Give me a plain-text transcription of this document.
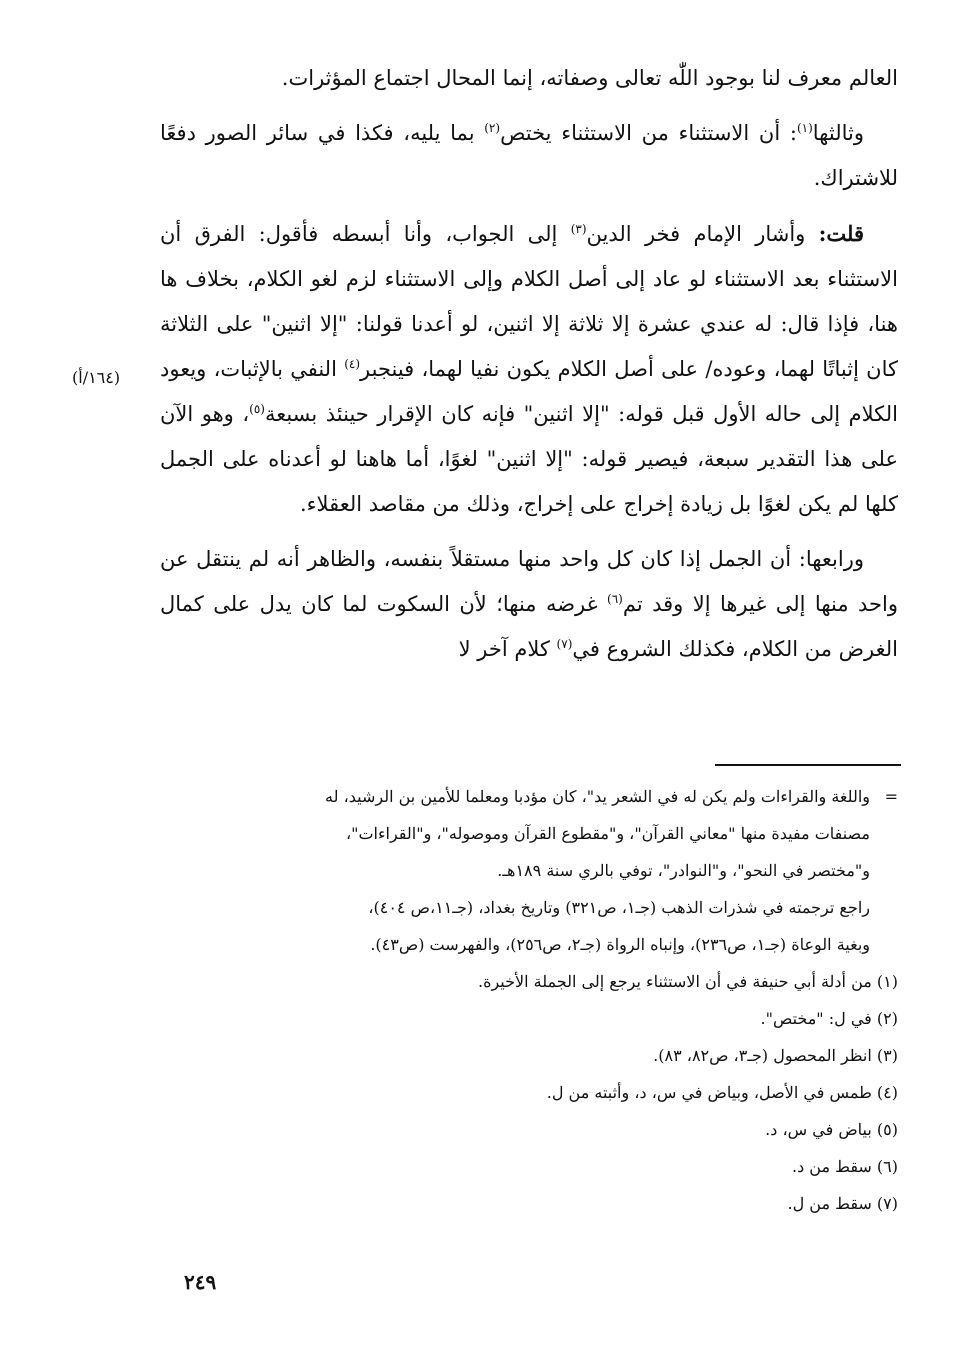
العالم معرف لنا بوجود اللّٰه تعالى وصفاته، إنما المحال اجتماع المؤثرات.

وثالثها$^{(١)}$: أن الاستثناء من الاستثناء يختص$^{(٢)}$ بما يليه، فكذا في سائر الصور دفعًا للاشتراك.

قلت: وأشار الإمام فخر الدين$^{(٣)}$ إلى الجواب، وأنا أبسطه فأقول: الفرق أن الاستثناء بعد الاستثناء لو عاد إلى أصل الكلام وإلى الاستثناء لزم لغو الكلام، بخلاف ها هنا، فإذا قال: له عندي عشرة إلا ثلاثة إلا اثنين، لو أعدنا قولنا: "إلا اثنين" على الثلاثة كان إثباتًا لهما، وعوده/ على أصل الكلام يكون نفيا لهما، فينجبر$^{(٤)}$ النفي بالإثبات، ويعود الكلام إلى حاله الأول قبل قوله: "إلا اثنين" فإنه كان الإقرار حينئذ بسبعة$^{(٥)}$، وهو الآن على هذا التقدير سبعة، فيصير قوله: "إلا اثنين" لغوًا، أما هاهنا لو أعدناه على الجمل كلها لم يكن لغوًا بل زيادة إخراج على إخراج، وذلك من مقاصد العقلاء.

ورابعها: أن الجمل إذا كان كل واحد منها مستقلاً بنفسه، والظاهر أنه لم ينتقل عن واحد منها إلى غيرها إلا وقد تم$^{(٦)}$ غرضه منها؛ لأن السكوت لما كان يدل على كمال الغرض من الكلام، فكذلك الشروع في$^{(٧)}$ كلام آخر لا

(١٦٤/أ)

=
واللغة والقراءات ولم يكن له في الشعر يد"، كان مؤدبا ومعلما للأمين بن الرشيد، له

مصنفات مفيدة منها "معاني القرآن"، و"مقطوع القرآن وموصوله"، و"القراءات"،

و"مختصر في النحو"، و"النوادر"، توفي بالري سنة ١٨٩هـ.

راجع ترجمته في شذرات الذهب (جـ١، ص٣٢١) وتاريخ بغداد، (جـ١١،ص ٤٠٤)،

وبغية الوعاة (جـ١، ص٢٣٦)، وإنباه الرواة (جـ٢، ص٢٥٦)، والفهرست (ص٤٣).

(١) من أدلة أبي حنيفة في أن الاستثناء يرجع إلى الجملة الأخيرة.

(٢) في ل: "مختص".

(٣) انظر المحصول (جـ٣، ص٨٢، ٨٣).

(٤) طمس في الأصل، وبياض في س، د، وأثبته من ل.

(٥) بياض في س، د.

(٦) سقط من د.

(٧) سقط من ل.

٢٤٩
